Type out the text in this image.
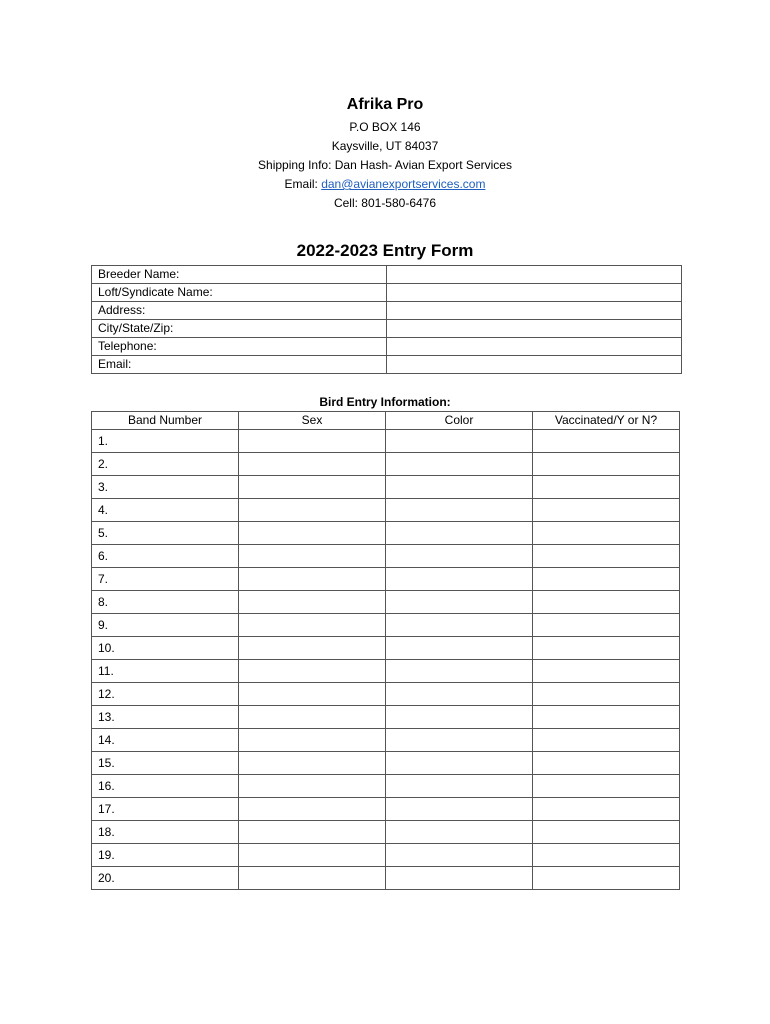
Afrika Pro
P.O BOX 146
Kaysville, UT 84037
Shipping Info: Dan Hash- Avian Export Services
Email: dan@avianexportservices.com
Cell: 801-580-6476
2022-2023 Entry Form
Breeder Name:	
Loft/Syndicate Name:	
Address:	
City/State/Zip:	
Telephone:	
Email:	
Bird Entry Information:
Band Number	Sex	Color	Vaccinated/Y or N?
1.			
2.			
3.			
4.			
5.			
6.			
7.			
8.			
9.			
10.			
11.			
12.			
13.			
14.			
15.			
16.			
17.			
18.			
19.			
20.			
